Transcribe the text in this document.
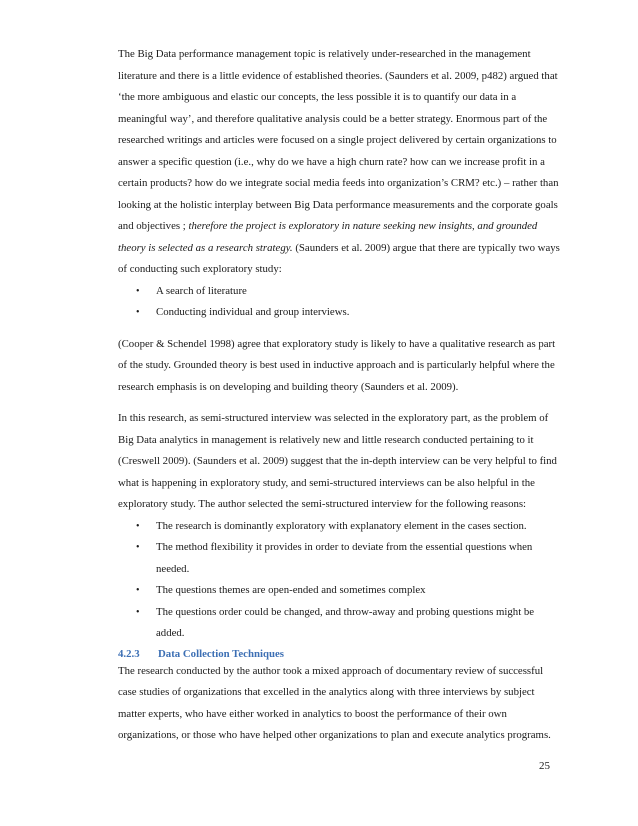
The Big Data performance management topic is relatively under-researched in the management literature and there is a little evidence of established theories. (Saunders et al. 2009, p482) argued that ‘the more ambiguous and elastic our concepts, the less possible it is to quantify our data in a meaningful way’, and therefore qualitative analysis could be a better strategy. Enormous part of the researched writings and articles were focused on a single project delivered by certain organizations to answer a specific question (i.e., why do we have a high churn rate? how can we increase profit in a certain products? how do we integrate social media feeds into organization’s CRM? etc.) – rather than looking at the holistic interplay between Big Data performance measurements and the corporate goals and objectives ; therefore the project is exploratory in nature seeking new insights, and grounded theory is selected as a research strategy. (Saunders et al. 2009) argue that there are typically two ways of conducting such exploratory study:

• A search of literature
• Conducting individual and group interviews.

(Cooper & Schendel 1998) agree that exploratory study is likely to have a qualitative research as part of the study. Grounded theory is best used in inductive approach and is particularly helpful where the research emphasis is on developing and building theory (Saunders et al. 2009).

In this research, as semi-structured interview was selected in the exploratory part, as the problem of Big Data analytics in management is relatively new and little research conducted pertaining to it (Creswell 2009). (Saunders et al. 2009) suggest that the in-depth interview can be very helpful to find what is happening in exploratory study, and semi-structured interviews can be also helpful in the exploratory study. The author selected the semi-structured interview for the following reasons:

• The research is dominantly exploratory with explanatory element in the cases section.
• The method flexibility it provides in order to deviate from the essential questions when needed.
• The questions themes are open-ended and sometimes complex
• The questions order could be changed, and throw-away and probing questions might be added.
4.2.3 Data Collection Techniques

The research conducted by the author took a mixed approach of documentary review of successful case studies of organizations that excelled in the analytics along with three interviews by subject matter experts, who have either worked in analytics to boost the performance of their own organizations, or those who have helped other organizations to plan and execute analytics programs.

25
